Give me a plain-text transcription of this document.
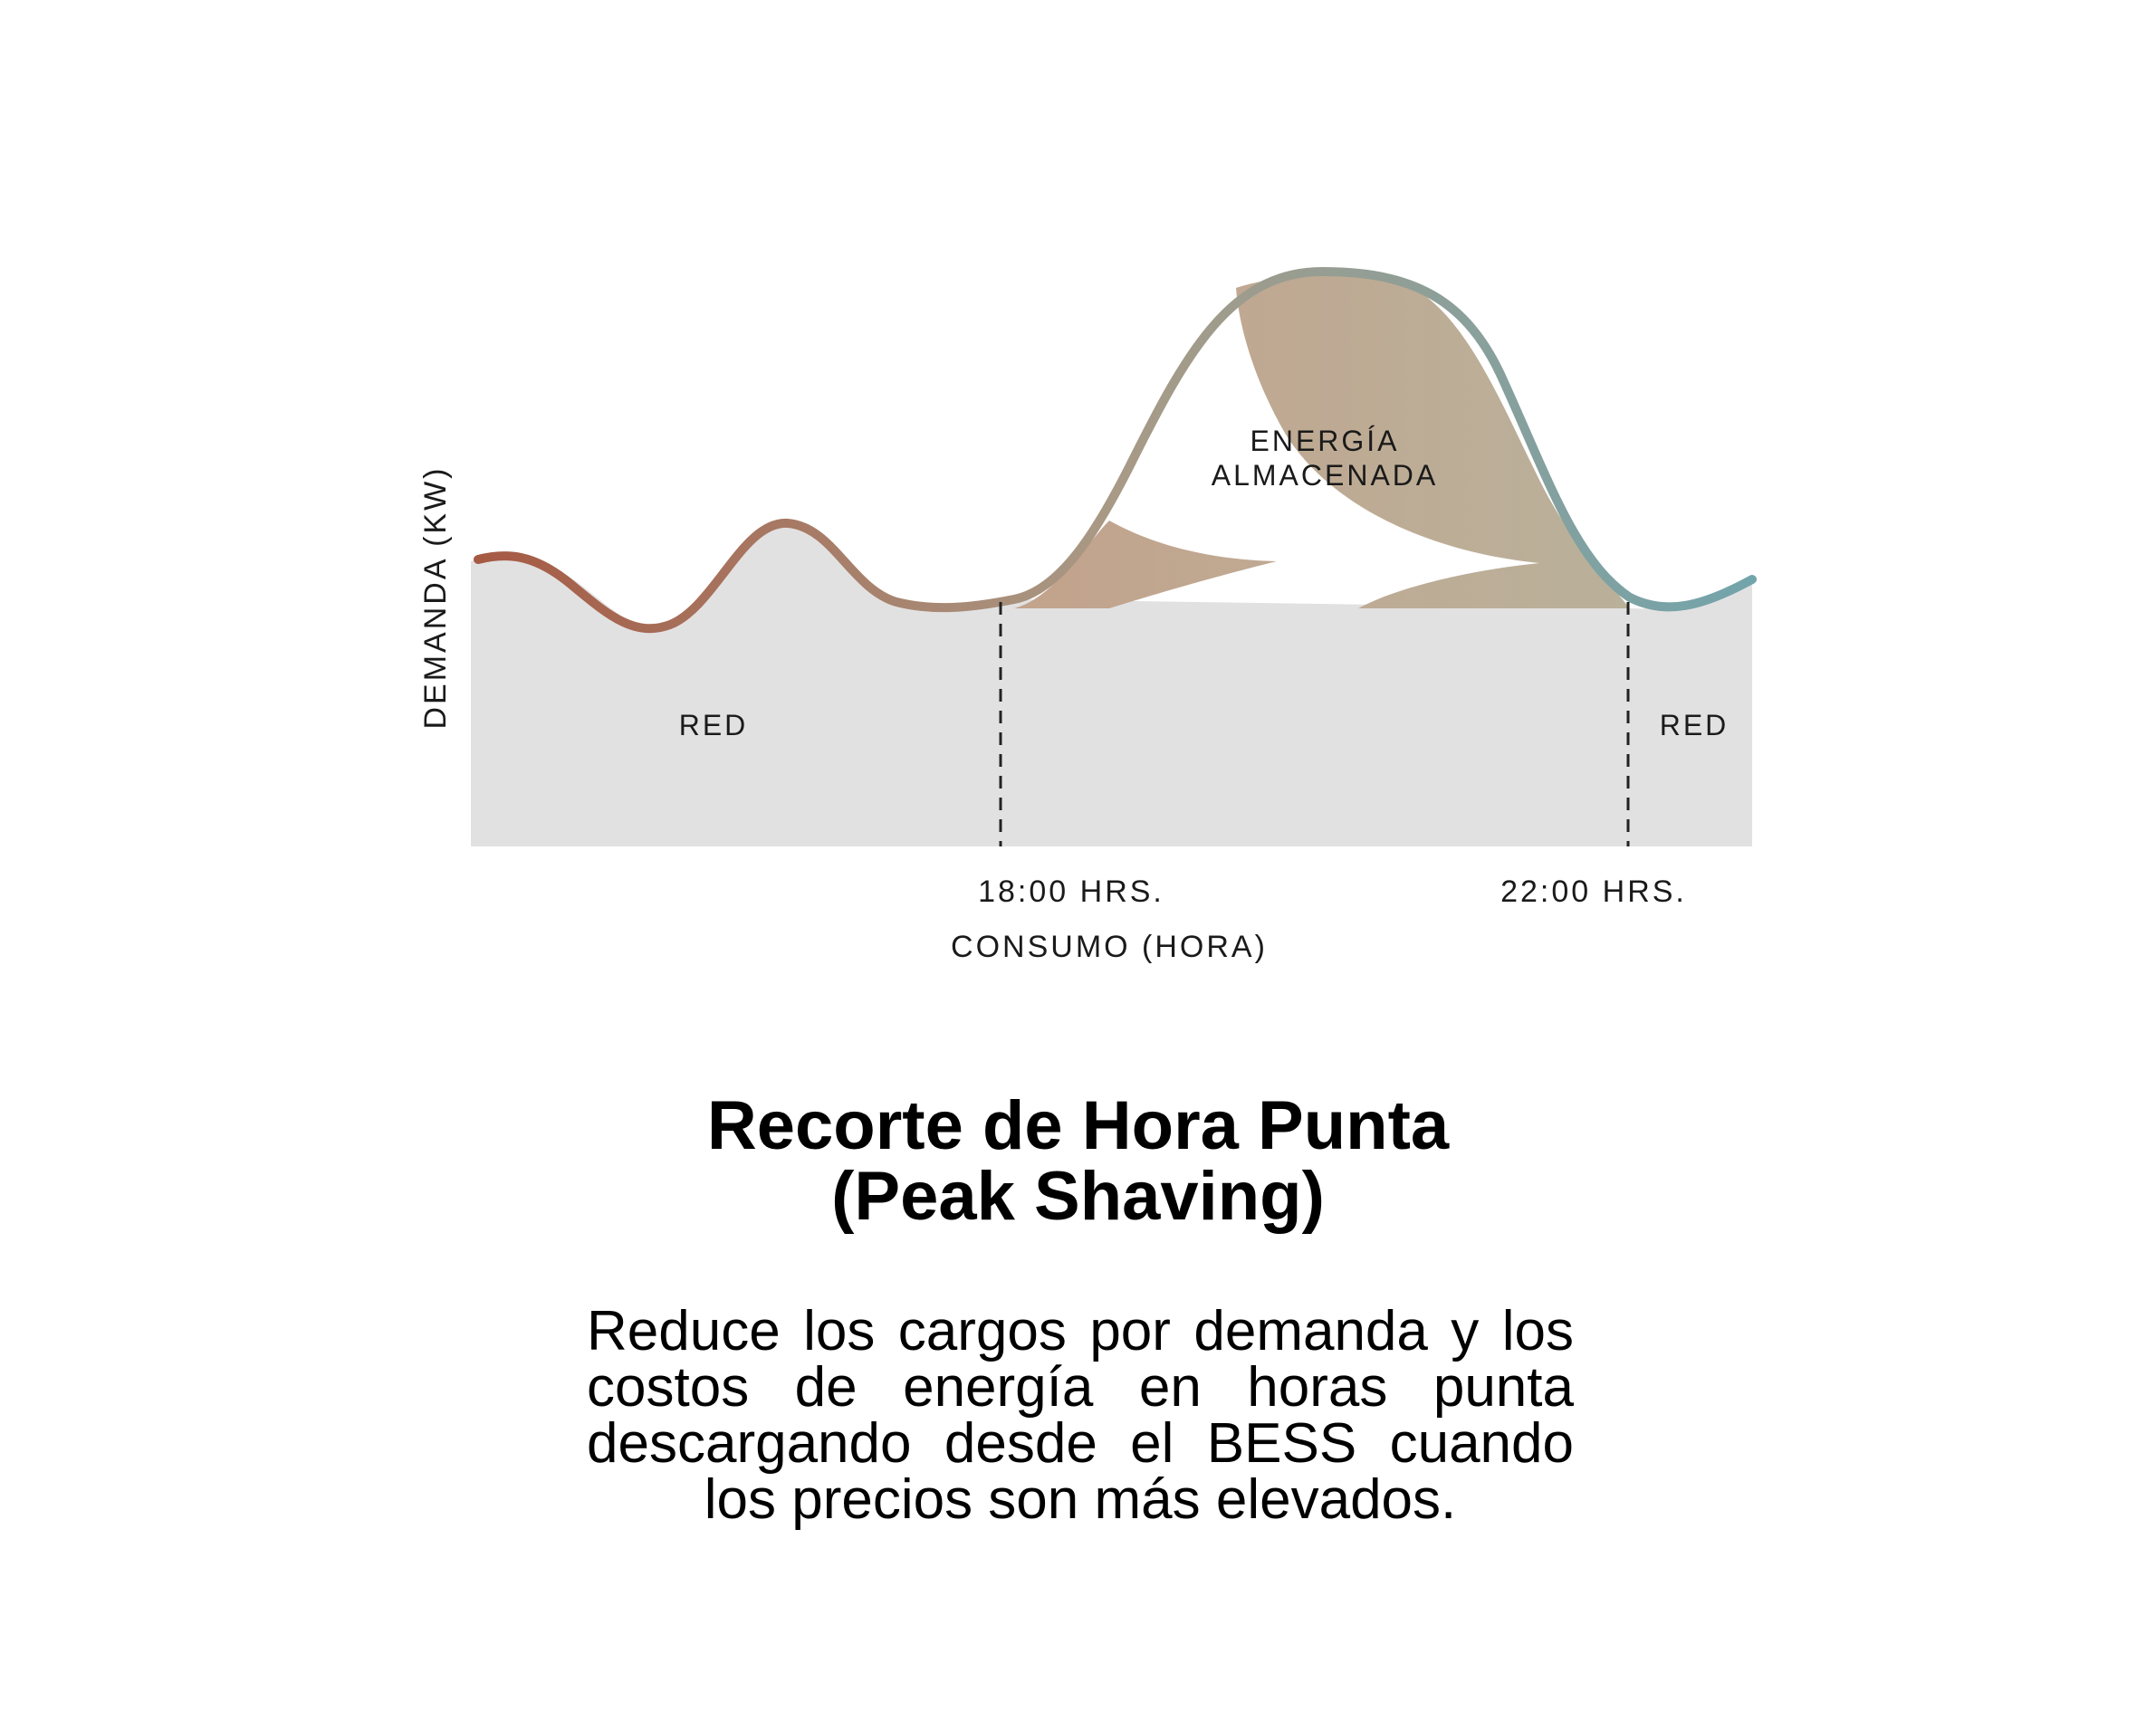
DEMANDA (KW)	RED	RED
ENERGÍA
ALMACENADA
18:00 HRS.	22:00 HRS.
CONSUMO (HORA)
Recorte de Hora Punta
(Peak Shaving)
Reduce los cargos por demanda y los costos de energía en horas punta descargando desde el BESS cuando los precios son más elevados.
